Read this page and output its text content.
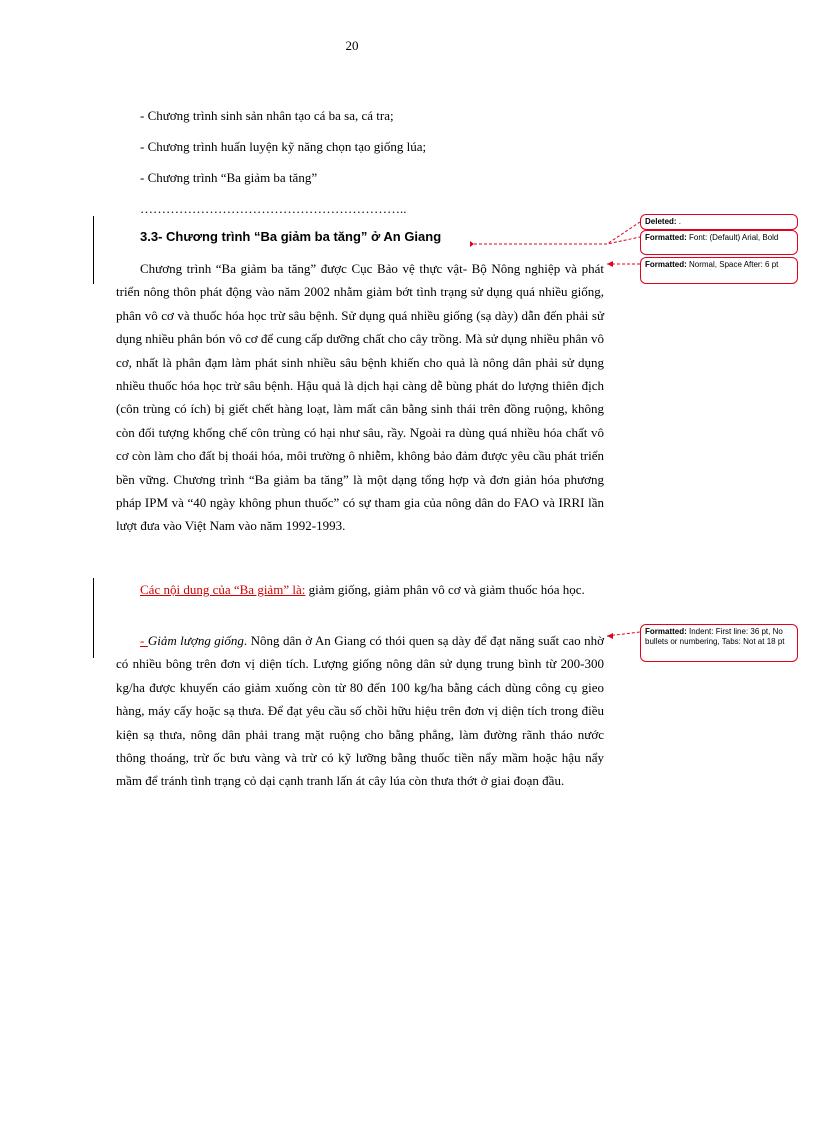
20
- Chương trình sinh sản nhân tạo cá ba sa, cá tra;
- Chương trình huấn luyện kỹ năng chọn tạo giống lúa;
- Chương trình “Ba giảm ba tăng”
……………………………………………………..
3.3- Chương trình “Ba giảm ba tăng” ở An Giang

Chương trình “Ba giảm ba tăng” được Cục Bảo vệ thực vật- Bộ Nông nghiệp và phát triển nông thôn phát động vào năm 2002 nhằm giảm bớt tình trạng sử dụng quá nhiều giống, phân vô cơ và thuốc hóa học trừ sâu bệnh. Sử dụng quá nhiều giống (sạ dày) dẫn đến phải sử dụng nhiều phân bón vô cơ để cung cấp dưỡng chất cho cây trồng. Mà sử dụng nhiều phân vô cơ, nhất là phân đạm làm phát sinh nhiều sâu bệnh khiến cho quả là nông dân phải sử dụng nhiều thuốc hóa học trừ sâu bệnh. Hậu quả là dịch hại càng dễ bùng phát do lượng thiên địch (côn trùng có ích) bị giết chết hàng loạt, làm mất cân bằng sinh thái trên đồng ruộng, không còn đối tượng khống chế côn trùng có hại như sâu, rầy. Ngoài ra dùng quá nhiều hóa chất vô cơ còn làm cho đất bị thoái hóa, môi trường ô nhiễm, không bảo đảm được yêu cầu phát triển bền vững. Chương trình “Ba giảm ba tăng” là một dạng tổng hợp và đơn giản hóa phương pháp IPM và “40 ngày không phun thuốc” có sự tham gia của nông dân do FAO và IRRI lần lượt đưa vào Việt Nam vào năm 1992-1993.

Các nội dung của “Ba giảm” là: giảm giống, giảm phân vô cơ và giảm thuốc hóa học.

- Giảm lượng giống. Nông dân ở An Giang có thói quen sạ dày để đạt năng suất cao nhờ có nhiều bông trên đơn vị diện tích. Lượng giống nông dân sử dụng trung bình từ 200-300 kg/ha được khuyến cáo giảm xuống còn từ 80 đến 100 kg/ha bằng cách dùng công cụ gieo hàng, máy cấy hoặc sạ thưa. Để đạt yêu cầu số chồi hữu hiệu trên đơn vị diện tích trong điều kiện sạ thưa, nông dân phải trang mặt ruộng cho bằng phẳng, làm đường rãnh tháo nước thông thoáng, trừ ốc bưu vàng và trừ có kỹ lưỡng bằng thuốc tiền nẩy mầm hoặc hậu nẩy mầm để tránh tình trạng cỏ dại cạnh tranh lấn át cây lúa còn thưa thớt ở giai đoạn đầu.

Deleted: .
Formatted: Font: (Default) Arial, Bold
Formatted: Normal, Space After: 6 pt
Formatted: Indent: First line: 36 pt, No bullets or numbering, Tabs: Not at 18 pt
